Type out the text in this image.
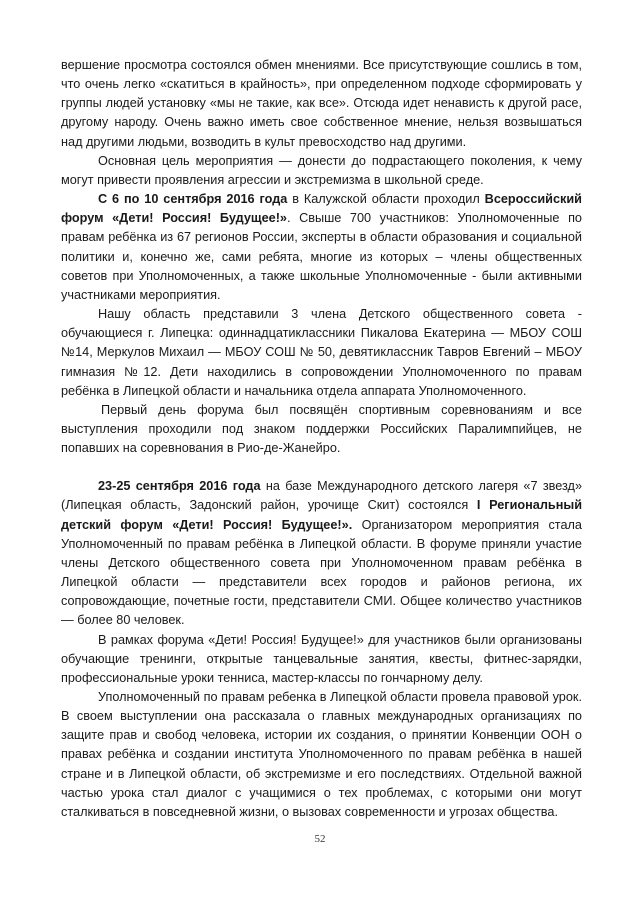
вершение просмотра состоялся обмен мнениями. Все присутствующие сошлись в том, что очень легко «скатиться в крайность», при определенном подходе сформировать у группы людей установку «мы не такие, как все». Отсюда идет ненависть к другой расе, другому народу. Очень важно иметь свое собственное мнение, нельзя возвышаться над другими людьми, возводить в культ превосходство над другими.

Основная цель мероприятия — донести до подрастающего поколения, к чему могут привести проявления агрессии и экстремизма в школьной среде.

С 6 по 10 сентября 2016 года в Калужской области проходил Всероссийский форум «Дети! Россия! Будущее!». Свыше 700 участников: Уполномоченные по правам ребёнка из 67 регионов России, эксперты в области образования и социальной политики и, конечно же, сами ребята, многие из которых – члены общественных советов при Уполномоченных, а также школьные Уполномоченные - были активными участниками мероприятия.

Нашу область представили 3 члена Детского общественного совета - обучающиеся г. Липецка: одиннадцатиклассники Пикалова Екатерина — МБОУ СОШ №14, Меркулов Михаил — МБОУ СОШ № 50, девятиклассник Тавров Евгений – МБОУ гимназия №12. Дети находились в сопровождении Уполномоченного по правам ребёнка в Липецкой области и начальника отдела аппарата Уполномоченного.

Первый день форума был посвящён спортивным соревнованиям и все выступления проходили под знаком поддержки Российских Паралимпийцев, не попавших на соревнования в Рио-де-Жанейро.

23-25 сентября 2016 года на базе Международного детского лагеря «7 звезд» (Липецкая область, Задонский район, урочище Скит) состоялся I Региональный детский форум «Дети! Россия! Будущее!». Организатором мероприятия стала Уполномоченный по правам ребёнка в Липецкой области. В форуме приняли участие члены Детского общественного совета при Уполномоченном правам ребёнка в Липецкой области — представители всех городов и районов региона, их сопровождающие, почетные гости, представители СМИ. Общее количество участников — более 80 человек.

В рамках форума «Дети! Россия! Будущее!» для участников были организованы обучающие тренинги, открытые танцевальные занятия, квесты, фитнес-зарядки, профессиональные уроки тенниса, мастер-классы по гончарному делу.

Уполномоченный по правам ребенка в Липецкой области провела правовой урок. В своем выступлении она рассказала о главных международных организациях по защите прав и свобод человека, истории их создания, о принятии Конвенции ООН о правах ребёнка и создании института Уполномоченного по правам ребёнка в нашей стране и в Липецкой области, об экстремизме и его последствиях. Отдельной важной частью урока стал диалог с учащимися о тех проблемах, с которыми они могут сталкиваться в повседневной жизни, о вызовах современности и угрозах общества.

52
